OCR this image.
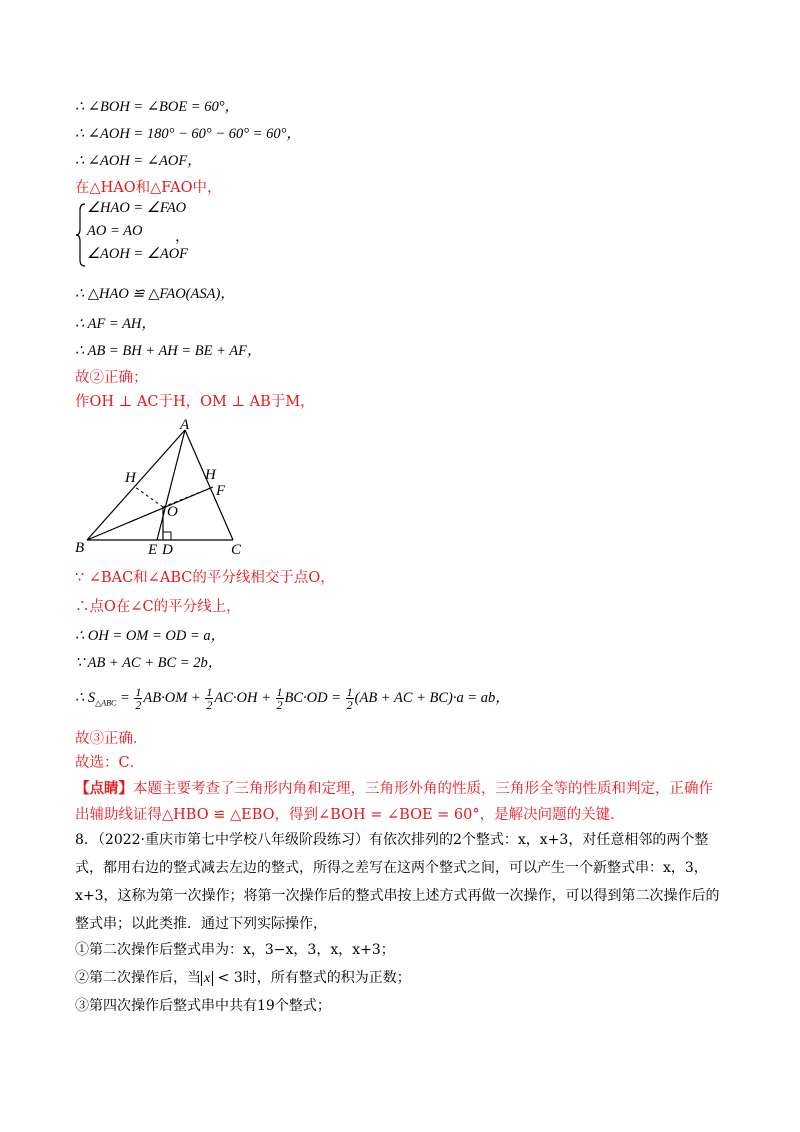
∴ ∠BOH = ∠BOE = 60°，
∴ ∠AOH = 180° − 60° − 60° = 60°，
∴ ∠AOH = ∠AOF，
在△HAO和△FAO中，
∠HAO = ∠FAO
AO = AO
∠AOH = ∠AOF
，
∴ △HAO ≌ △FAO(ASA)，
∴ AF = AH，
∴ AB = BH + AH = BE + AF，
故②正确；
作OH ⊥ AC于H，OM ⊥ AB于M，
A
B	C
H	H
F
O
E D
∵ ∠BAC和∠ABC的平分线相交于点O，
∴点O在∠C的平分线上，
∴ OH = OM = OD = a，
∵ AB + AC + BC = 2b，
∴ $S_{\triangle ABC} = \frac{1}{2} AB\cdot OM + \frac{1}{2} AC\cdot OH + \frac{1}{2} BC\cdot OD = \frac{1}{2} (AB$ + AC + BC)·a = ab，
故③正确．
故选：C．
【点睛】本题主要考查了三角形内角和定理，三角形外角的性质，三角形全等的性质和判定，正确作出辅助线证得△HBO ≌ △EBO，得到∠BOH = ∠BOE = 60°，是解决问题的关键．
8．（2022·重庆市第七中学校八年级阶段练习）有依次排列的2个整式：x，x+3，对任意相邻的两个整
式，都用右边的整式减去左边的整式，所得之差写在这两个整式之间，可以产生一个新整式串：x，3，
x+3，这称为第一次操作；将第一次操作后的整式串按上述方式再做一次操作，可以得到第二次操作后的
整式串；以此类推．通过下列实际操作，
①第二次操作后整式串为：x，3−x，3，x，x+3；
②第二次操作后，当 x < 3时，所有整式的积为正数；
③第四次操作后整式串中共有19个整式；
